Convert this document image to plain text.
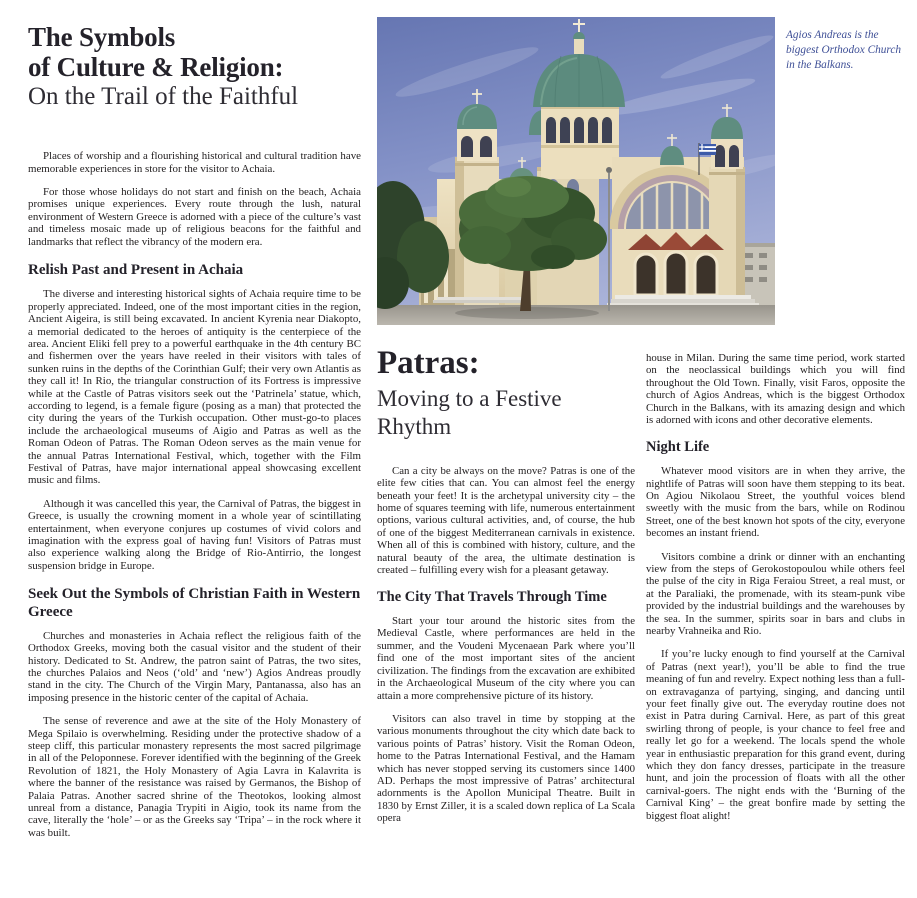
The Symbols
of Culture & Religion:
On the Trail of the Faithful

Places of worship and a flourishing historical and cultural tradition have memorable experiences in store for the visitor to Achaia.

For those whose holidays do not start and finish on the beach, Achaia promises unique experiences. Every route through the lush, natural environment of Western Greece is adorned with a piece of the culture’s vast and timeless mosaic made up of religious beacons for the faithful and landmarks that reflect the vibrancy of the modern era.

Relish Past and Present in Achaia

The diverse and interesting historical sights of Achaia require time to be properly appreciated. Indeed, one of the most important cities in the region, Ancient Aigeira, is still being excavated. In ancient Kyrenia near Diakopto, a memorial dedicated to the heroes of antiquity is the centerpiece of the area. Ancient Eliki fell prey to a powerful earthquake in the 4th century BC and fishermen over the years have reeled in their visitors with tales of sunken ruins in the depths of the Corinthian Gulf; their very own Atlantis as they call it! In Rio, the triangular construction of its Fortress is impressive while at the Castle of Patras visitors seek out the ‘Patrinela’ statue, which, according to legend, is a female figure (posing as a man) that protected the city during the years of the Turkish occupation. Other must-go-to places include the archaeological museums of Aigio and Patras as well as the Roman Odeon of Patras. The Roman Odeon serves as the main venue for the annual Patras International Festival, which, together with the Film Festival of Patras, have major international appeal showcasing excellent music and films.

Although it was cancelled this year, the Carnival of Patras, the biggest in Greece, is usually the crowning moment in a whole year of scintillating entertainment, when everyone conjures up costumes of vivid colors and imagination with the express goal of having fun! Visitors of Patras must also experience walking along the Bridge of Rio-Antirrio, the longest suspension bridge in Europe.

Seek Out the Symbols of Christian Faith in Western Greece

Churches and monasteries in Achaia reflect the religious faith of the Orthodox Greeks, moving both the casual visitor and the student of their history. Dedicated to St. Andrew, the patron saint of Patras, the two sites, the churches Palaios and Neos (‘old’ and ‘new’) Agios Andreas proudly stand in the city. The Church of the Virgin Mary, Pantanassa, also has an imposing presence in the historic center of the capital of Achaia.

The sense of reverence and awe at the site of the Holy Monastery of Mega Spilaio is overwhelming. Residing under the protective shadow of a steep cliff, this particular monastery represents the most sacred pilgrimage in all of the Peloponnese. Forever identified with the beginning of the Greek Revolution of 1821, the Holy Monastery of Agia Lavra in Kalavrita is where the banner of the resistance was raised by Germanos, the Bishop of Palaia Patras. Another sacred shrine of the Theotokos, looking almost unreal from a distance, Panagia Trypiti in Aigio, took its name from the cave, literally the ‘hole’ – or as the Greeks say ‘Tripa’ – in the rock where it was built.

Agios Andreas is the biggest Orthodox Church in the Balkans.
Patras:
Moving to a Festive Rhythm

Can a city be always on the move? Patras is one of the elite few cities that can. You can almost feel the energy beneath your feet! It is the archetypal university city – the home of squares teeming with life, numerous entertainment options, various cultural activities, and, of course, the hub of one of the biggest Mediterranean carnivals in existence. When all of this is combined with history, culture, and the natural beauty of the area, the ultimate destination is created – fulfilling every wish for a pleasant getaway.

The City That Travels Through Time

Start your tour around the historic sites from the Medieval Castle, where performances are held in the summer, and the Voudeni Mycenaean Park where you’ll find one of the most important sites of the ancient civilization. The findings from the excavation are exhibited in the Archaeological Museum of the city where you can attain a more comprehensive picture of its history.

Visitors can also travel in time by stopping at the various monuments throughout the city which date back to various points of Patras’ history. Visit the Roman Odeon, home to the Patras International Festival, and the Hamam which has never stopped serving its customers since 1400 AD. Perhaps the most impressive of Patras’ architectural adornments is the Apollon Municipal Theatre. Built in 1830 by Ernst Ziller, it is a scaled down replica of La Scala opera

house in Milan. During the same time period, work started on the neoclassical buildings which you will find throughout the Old Town. Finally, visit Faros, opposite the church of Agios Andreas, which is the biggest Orthodox Church in the Balkans, with its amazing design and which is adorned with icons and other decorative elements.

Night Life

Whatever mood visitors are in when they arrive, the nightlife of Patras will soon have them stepping to its beat. On Agiou Nikolaou Street, the youthful voices blend sweetly with the music from the bars, while on Rodinou Street, one of the best known hot spots of the city, everyone becomes an instant friend.

Visitors combine a drink or dinner with an enchanting view from the steps of Gerokostopoulou while others feel the pulse of the city in Riga Feraiou Street, a real must, or at the Paraliaki, the promenade, with its steam-punk vibe provided by the industrial buildings and the warehouses by the sea. In the summer, spirits soar in bars and clubs in nearby Vrahneika and Rio.

If you’re lucky enough to find yourself at the Carnival of Patras (next year!), you’ll be able to find the true meaning of fun and revelry. Expect nothing less than a full-on extravaganza of partying, singing, and dancing until your feet finally give out. The everyday routine does not exist in Patra during Carnival. Here, as part of this great swirling throng of people, is your chance to feel free and really let go for a weekend. The locals spend the whole year in enthusiastic preparation for this grand event, during which they don fancy dresses, participate in the treasure hunt, and join the procession of floats with all the other carnival-goers. The night ends with the ‘Burning of the Carnival King’ – the great bonfire made by setting the biggest float alight!
